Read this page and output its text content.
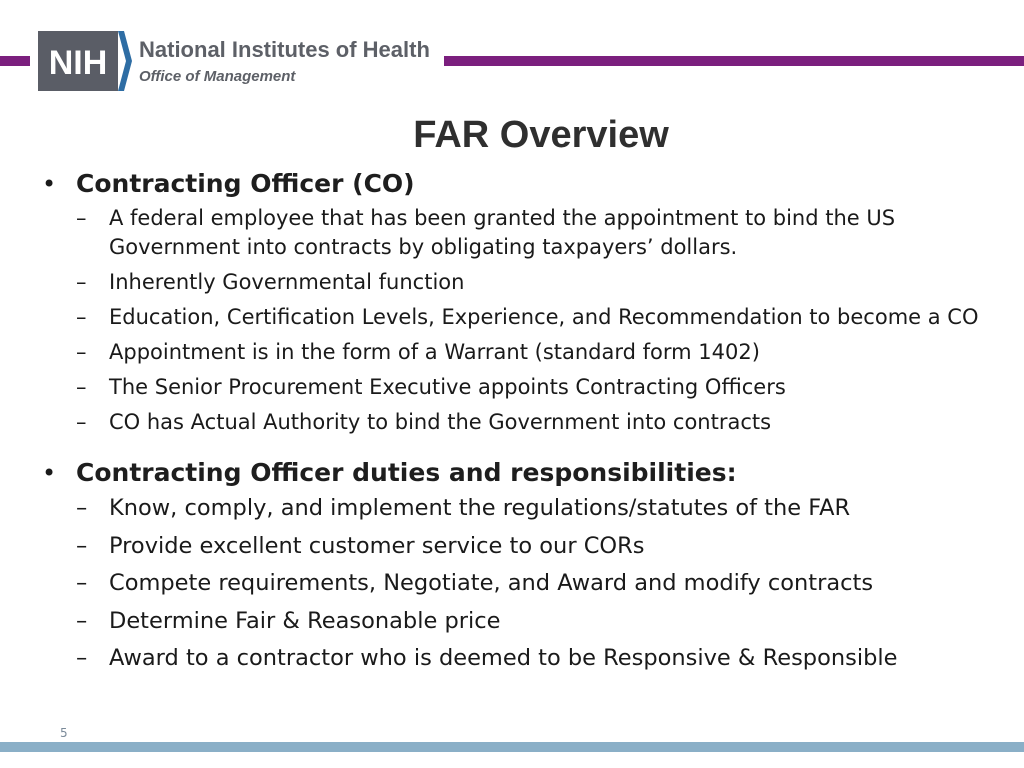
NIH National Institutes of Health
Office of Management
FAR Overview
• Contracting Officer (CO)
–	A federal employee that has been granted the appointment to bind the US Government into contracts by obligating taxpayers’ dollars.
–	Inherently Governmental function
–	Education, Certification Levels, Experience, and Recommendation to become a CO
–	Appointment is in the form of a Warrant (standard form 1402)
–	The Senior Procurement Executive appoints Contracting Officers
–	CO has Actual Authority to bind the Government into contracts
• Contracting Officer duties and responsibilities:
– Know, comply, and implement the regulations/statutes of the FAR
– Provide excellent customer service to our CORs
– Compete requirements, Negotiate, and Award and modify contracts
– Determine Fair & Reasonable price
– Award to a contractor who is deemed to be Responsive & Responsible
5
